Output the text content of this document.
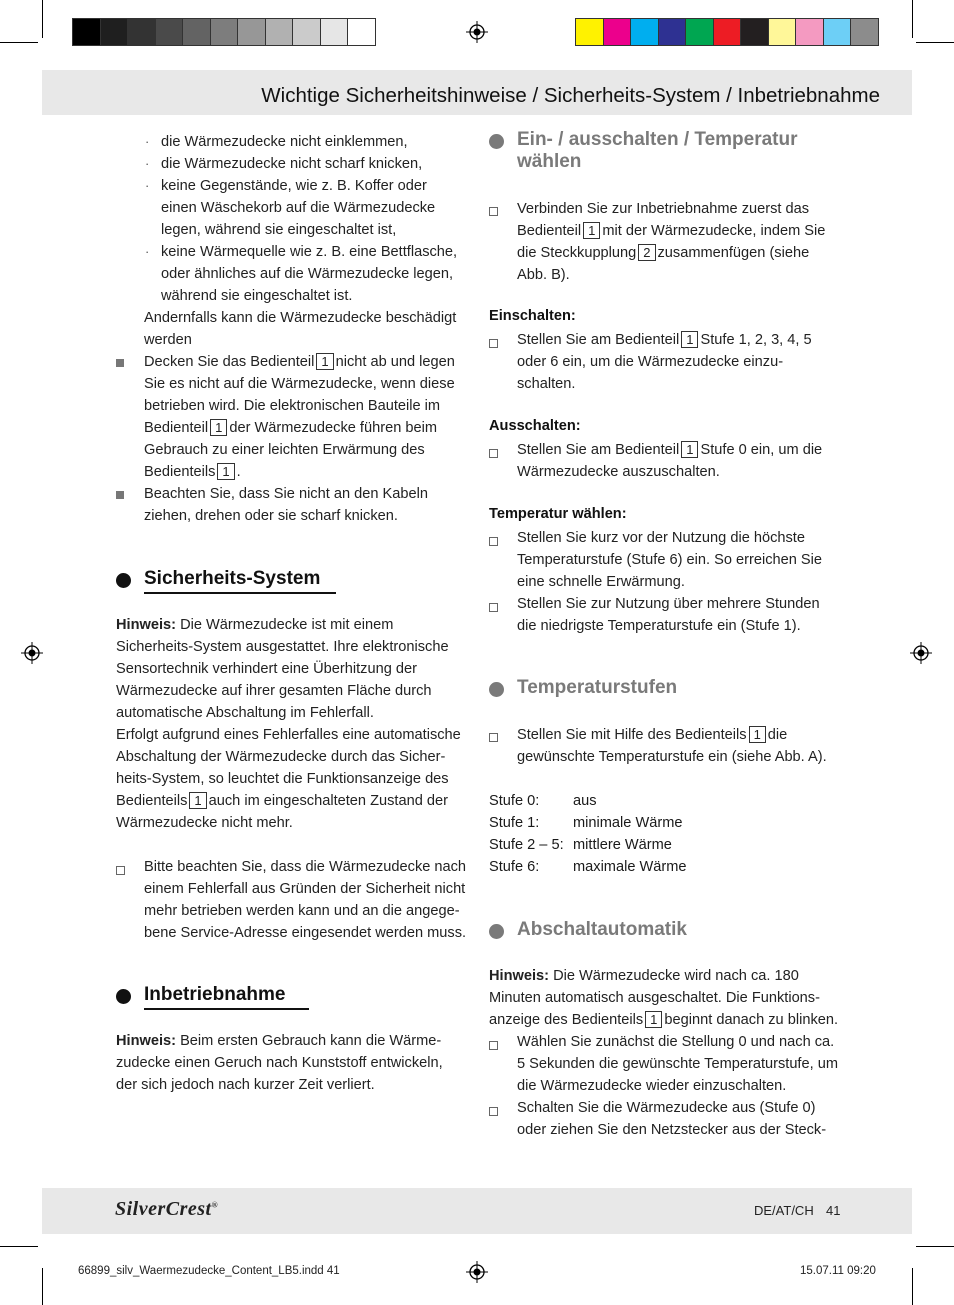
Wichtige Sicherheitshinweise / Sicherheits-System / Inbetriebnahme
· die Wärmezudecke nicht einklemmen,
· die Wärmezudecke nicht scharf knicken,
· keine Gegenstände, wie z. B. Koffer oder einen Wäschekorb auf die Wärmezudecke legen, während sie eingeschaltet ist,
· keine Wärmequelle wie z. B. eine Bettflasche, oder ähnliches auf die Wärmezudecke legen, während sie eingeschaltet ist.
Andernfalls kann die Wärmezudecke beschädigt werden
Decken Sie das Bedienteil 1 nicht ab und legen Sie es nicht auf die Wärmezudecke, wenn diese betrieben wird. Die elektronischen Bauteile im Bedienteil 1 der Wärmezudecke führen beim Gebrauch zu einer leichten Erwärmung des Bedienteils 1 .
Beachten Sie, dass Sie nicht an den Kabeln ziehen, drehen oder sie scharf knicken.
Sicherheits-System
Hinweis: Die Wärmezudecke ist mit einem Sicherheits-System ausgestattet. Ihre elektronische Sensortechnik verhindert eine Überhitzung der Wärmezudecke auf ihrer gesamten Fläche durch automatische Abschaltung im Fehlerfall.
Erfolgt aufgrund eines Fehlerfalles eine automatische Abschaltung der Wärmezudecke durch das Sicher-heits-System, so leuchtet die Funktionsanzeige des Bedienteils 1 auch im eingeschalteten Zustand der Wärmezudecke nicht mehr.
Bitte beachten Sie, dass die Wärmezudecke nach einem Fehlerfall aus Gründen der Sicherheit nicht mehr betrieben werden kann und an die angege-bene Service-Adresse eingesendet werden muss.
Inbetriebnahme
Hinweis: Beim ersten Gebrauch kann die Wärme-zudecke einen Geruch nach Kunststoff entwickeln, der sich jedoch nach kurzer Zeit verliert.
Ein- / ausschalten / Temperatur
wählen
Verbinden Sie zur Inbetriebnahme zuerst das Bedienteil 1 mit der Wärmezudecke, indem Sie die Steckkupplung 2 zusammenfügen (siehe Abb. B).
Einschalten:
Stellen Sie am Bedienteil 1 Stufe 1, 2, 3, 4, 5 oder 6 ein, um die Wärmezudecke einzu-schalten.
Ausschalten:
Stellen Sie am Bedienteil 1 Stufe 0 ein, um die Wärmezudecke auszuschalten.
Temperatur wählen:
Stellen Sie kurz vor der Nutzung die höchste Temperaturstufe (Stufe 6) ein. So erreichen Sie eine schnelle Erwärmung.
Stellen Sie zur Nutzung über mehrere Stunden die niedrigste Temperaturstufe ein (Stufe 1).
Temperaturstufen
Stellen Sie mit Hilfe des Bedienteils 1 die gewünschte Temperaturstufe ein (siehe Abb. A).
Stufe 0: aus
Stufe 1: minimale Wärme
Stufe 2 – 5: mittlere Wärme
Stufe 6: maximale Wärme
Abschaltautomatik
Hinweis: Die Wärmezudecke wird nach ca. 180 Minuten automatisch ausgeschaltet. Die Funktions-anzeige des Bedienteils 1 beginnt danach zu blinken.
Wählen Sie zunächst die Stellung 0 und nach ca. 5 Sekunden die gewünschte Temperaturstufe, um die Wärmezudecke wieder einzuschalten.
Schalten Sie die Wärmezudecke aus (Stufe 0) oder ziehen Sie den Netzstecker aus der Steck-
SilverCrest®	DE/AT/CH 41
66899_silv_Waermezudecke_Content_LB5.indd 41	15.07.11 09:20
